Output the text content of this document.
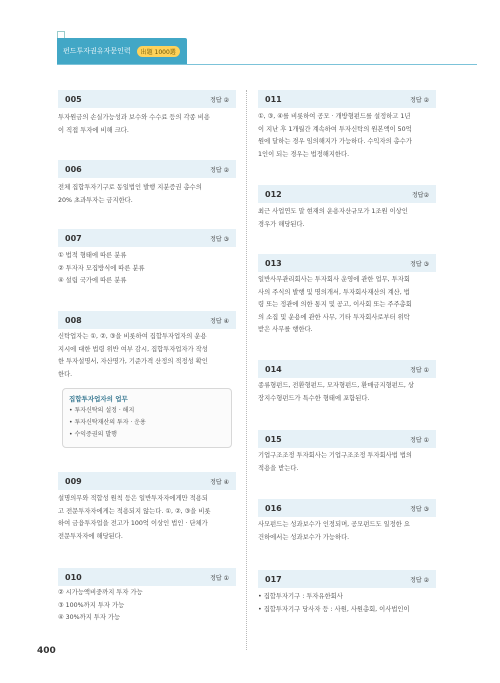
펀드투자권유자문인력	出題 1000選
005	정답 ②

투자원금의 손실가능성과 보수와 수수료 등의 각종 비용

이 직접 투자에 비해 크다.

006	정답 ②

전체 집합투자기구로 동일법인 발행 지분증권 총수의

20% 초과투자는 금지한다.

007	정답 ③

① 법적 형태에 따른 분류

② 투자자 모집방식에 따른 분류

④ 설립 국가에 따른 분류

008	정답 ④

신탁업자는 ①, ②, ③을 비롯하여 집합투자업자의 운용

지시에 대한 법령 위반 여부 감시, 집합투자업자가 작성

한 투자설명서, 자산명가, 기준가격 산정의 적정성 확인

한다.

집합투자업자의 업무
• 투자신탁의 설정 · 해지
• 투자신탁재산의 투자 · 운용
• 수익증권의 발행
009	정답 ④

설명의무와 적합성 원칙 등은 일반투자자에게만 적용되

고 전문투자자에게는 적용되지 않는다. ①, ②, ③을 비롯

하여 금융투자업을 전고가 100억 이상인 법인 · 단체가

전문투자자에 해당된다.

010	정답 ①

② 시가능액비중까지 투자 가능

③ 100%까지 투자 가능

④ 30%까지 투자 가능

011	정답 ②

①, ③, ④를 비롯하여 공모 · 개방형펀드를 설정하고 1년

이 지난 후 1개월간 계속하여 투자신탁의 원본액이 50억

원에 달하는 경우 임의해지가 가능하다. 수익자의 총수가

1인이 되는 경우는 법정해지한다.

012	정답②

최근 사업연도 말 현재의 운용자산규모가 1조원 이상인

경우가 해당된다.

013	정답 ③

일반사무관리회사는 투자회사 운영에 관한 업무, 투자회

사의 주식의 발행 및 명의개서, 투자회사재산의 계산, 법

령 또는 정관에 의한 통지 및 공고, 이사회 또는 주주총회

의 소집 및 운용에 관한 사무, 기타 투자회사로부터 위탁

받은 사무를 행한다.

014	정답 ①

종류형펀드, 전환형펀드, 모자형펀드, 환매금지형펀드, 상

장지수형펀드가 특수한 형태에 포함된다.

015	정답 ①

기업구조조정 투자회사는 기업구조조정 투자회사법 법의

적용을 받는다.

016	정답 ③

사모펀드는 성과보수가 인정되며, 공모펀드도 일정한 요

건하에서는 성과보수가 가능하다.

017	정답 ②

• 집합투자기구 : 투자유한회사

• 집합투자기구 당사자 등 : 사원, 사원총회, 이사법인이

400
